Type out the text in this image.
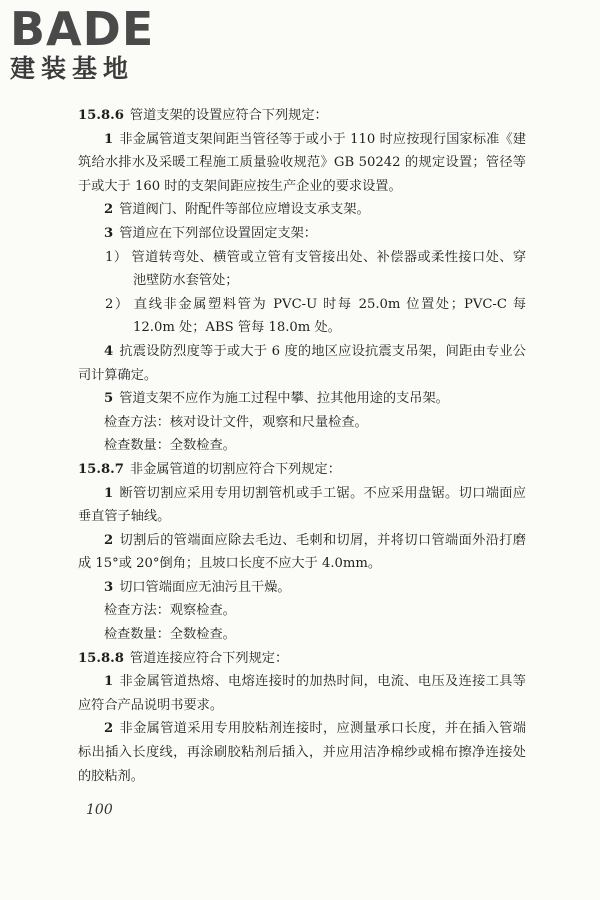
BADE

建装基地

15.8.6 管道支架的设置应符合下列规定：

1 非金属管道支架间距当管径等于或小于 110 时应按现行国家标准《建筑给水排水及采暖工程施工质量验收规范》GB 50242 的规定设置；管径等于或大于 160 时的支架间距应按生产企业的要求设置。

2 管道阀门、附配件等部位应增设支承支架。

3 管道应在下列部位设置固定支架：

1） 管道转弯处、横管或立管有支管接出处、补偿器或柔性接口处、穿池壁防水套管处；

2） 直线非金属塑料管为 PVC-U 时每 25.0m 位置处；PVC-C 每 12.0m 处；ABS 管每 18.0m 处。

4 抗震设防烈度等于或大于 6 度的地区应设抗震支吊架，间距由专业公司计算确定。

5 管道支架不应作为施工过程中攀、拉其他用途的支吊架。

检查方法：核对设计文件，观察和尺量检查。

检查数量：全数检查。

15.8.7 非金属管道的切割应符合下列规定：

1 断管切割应采用专用切割管机或手工锯。不应采用盘锯。切口端面应垂直管子轴线。

2 切割后的管端面应除去毛边、毛刺和切屑，并将切口管端面外沿打磨成 15°或 20°倒角；且坡口长度不应大于 4.0mm。

3 切口管端面应无油污且干燥。

检查方法：观察检查。

检查数量：全数检查。

15.8.8 管道连接应符合下列规定：

1 非金属管道热熔、电熔连接时的加热时间，电流、电压及连接工具等应符合产品说明书要求。

2 非金属管道采用专用胶粘剂连接时，应测量承口长度，并在插入管端标出插入长度线，再涂刷胶粘剂后插入，并应用洁净棉纱或棉布擦净连接处的胶粘剂。

100
